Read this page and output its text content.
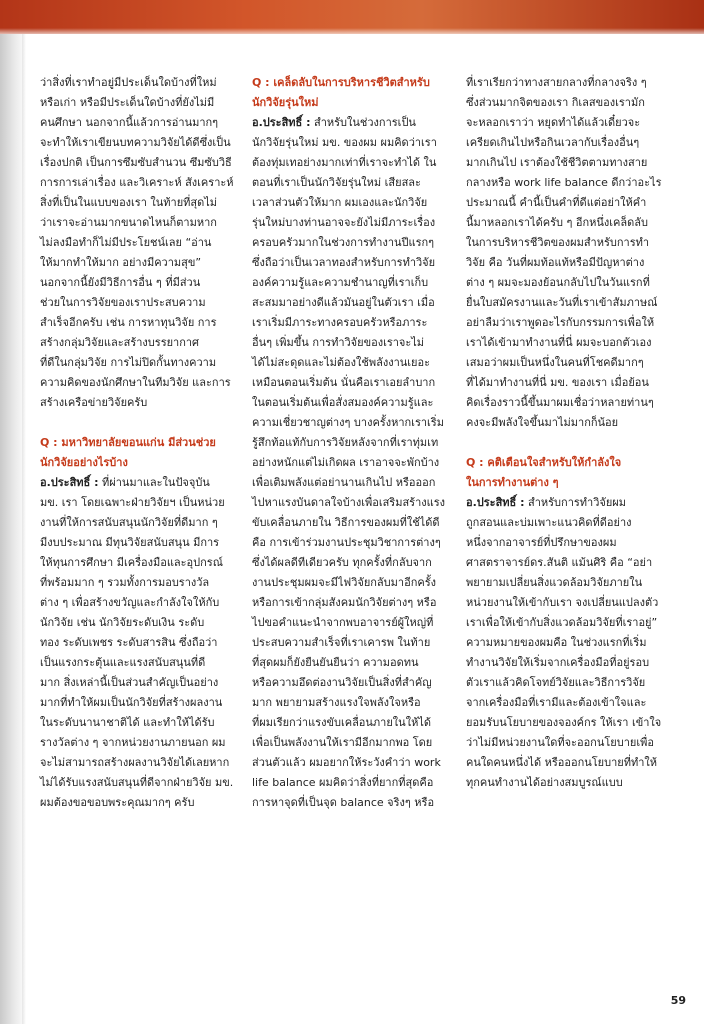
ว่าสิ่งที่เราทำอยู่มีประเด็นใดบ้างที่ใหม่
หรือเก่า หรือมีประเด็นใดบ้างที่ยังไม่มี
คนศึกษา นอกจากนี้แล้วการอ่านมากๆ
จะทำให้เราเขียนบทความวิจัยได้ดีซึ่งเป็น
เรื่องปกติ เป็นการซึมซับสำนวน ซึมซับวิธี
การการเล่าเรื่อง และวิเคราะห์ สังเคราะห์
สิ่งที่เป็นในแบบของเรา ในท้ายที่สุดไม่
ว่าเราจะอ่านมากขนาดไหนก็ตามหาก
ไม่ลงมือทำก็ไม่มีประโยชน์เลย “อ่าน
ให้มากทำให้มาก อย่างมีความสุข”
นอกจากนี้ยังมีวิธีการอื่น ๆ ที่มีส่วน
ช่วยในการวิจัยของเราประสบความ
สำเร็จอีกครับ เช่น การหาทุนวิจัย การ
สร้างกลุ่มวิจัยและสร้างบรรยากาศ
ที่ดีในกลุ่มวิจัย การไม่ปิดกั้นทางความ
ความคิดของนักศึกษาในทีมวิจัย และการ
สร้างเครือข่ายวิจัยครับ

Q : มหาวิทยาลัยขอนแก่น มีส่วนช่วย
นักวิจัยอย่างไรบ้าง

อ.ประสิทธิ์ : ที่ผ่านมาและในปัจจุบัน
มข. เรา โดยเฉพาะฝ่ายวิจัยฯ เป็นหน่วย
งานที่ให้การสนับสนุนนักวิจัยที่ดีมาก ๆ
มีงบประมาณ มีทุนวิจัยสนับสนุน มีการ
ให้ทุนการศึกษา มีเครื่องมือและอุปกรณ์
ที่พร้อมมาก ๆ รวมทั้งการมอบรางวัล
ต่าง ๆ เพื่อสร้างขวัญและกำลังใจให้กับ
นักวิจัย เช่น นักวิจัยระดับเงิน ระดับ
ทอง ระดับเพชร ระดับสารสิน ซึ่งถือว่า
เป็นแรงกระตุ้นและแรงสนับสนุนที่ดี
มาก สิ่งเหล่านี้เป็นส่วนสำคัญเป็นอย่าง
มากที่ทำให้ผมเป็นนักวิจัยที่สร้างผลงาน
ในระดับนานาชาติได้ และทำให้ได้รับ
รางวัลต่าง ๆ จากหน่วยงานภายนอก ผม
จะไม่สามารถสร้างผลงานวิจัยได้เลยหาก
ไม่ได้รับแรงสนับสนุนที่ดีจากฝ่ายวิจัย มข.
ผมต้องขอขอบพระคุณมากๆ ครับ

Q : เคล็ดลับในการบริหารชีวิตสำหรับ
นักวิจัยรุ่นใหม่

อ.ประสิทธิ์ : สำหรับในช่วงการเป็น
นักวิจัยรุ่นใหม่ มข. ของผม ผมคิดว่าเรา
ต้องทุ่มเทอย่างมากเท่าที่เราจะทำได้ ใน
ตอนที่เราเป็นนักวิจัยรุ่นใหม่ เสียสละ
เวลาส่วนตัวให้มาก ผมเองและนักวิจัย
รุ่นใหม่บางท่านอาจจะยังไม่มีภาระเรื่อง
ครอบครัวมากในช่วงการทำงานปีแรกๆ
ซึ่งถือว่าเป็นเวลาทองสำหรับการทำวิจัย
องค์ความรู้และความชำนาญที่เราเก็บ
สะสมมาอย่างดีแล้วมันอยู่ในตัวเรา เมื่อ
เราเริ่มมีภาระทางครอบครัวหรือภาระ
อื่นๆ เพิ่มขึ้น การทำวิจัยของเราจะไม่
ได้ไม่สะดุดและไม่ต้องใช้พลังงานเยอะ
เหมือนตอนเริ่มต้น นั่นคือเราเอยลำบาก
ในตอนเริ่มต้นเพื่อสั่งสมองค์ความรู้และ
ความเชี่ยวชาญต่างๆ บางครั้งหากเราเริ่ม
รู้สึกท้อแท้กับการวิจัยหลังจากที่เราทุ่มเท
อย่างหนักแต่ไม่เกิดผล เราอาจจะพักบ้าง
เพื่อเติมพลังแต่อย่านานเกินไป หรือออก
ไปหาแรงบันดาลใจบ้างเพื่อเสริมสร้างแรง
ขับเคลื่อนภายใน วิธีการของผมที่ใช้ได้ดี
คือ การเข้าร่วมงานประชุมวิชาการต่างๆ
ซึ่งได้ผลดีทีเดียวครับ ทุกครั้งที่กลับจาก
งานประชุมผมจะมีไฟวิจัยกลับมาอีกครั้ง
หรือการเข้ากลุ่มสังคมนักวิจัยต่างๆ หรือ
ไปขอคำแนะนำจากพบอาจารย์ผู้ใหญ่ที่
ประสบความสำเร็จที่เราเคารพ ในท้าย
ที่สุดผมก็ยังยืนยันยืนว่า ความอดทน
หรือความอึดต่องานวิจัยเป็นสิ่งที่สำคัญ
มาก พยายามสร้างแรงใจพลังใจหรือ
ที่ผมเรียกว่าแรงขับเคลื่อนภายในให้ได้
เพื่อเป็นพลังงานให้เรามีอีกมากพอ โดย
ส่วนตัวแล้ว ผมอยากให้ระวังคำว่า work
life balance ผมคิดว่าสิ่งที่ยากที่สุดคือ
การหาจุดที่เป็นจุด balance จริงๆ หรือ

ที่เราเรียกว่าทางสายกลางที่กลางจริง ๆ
ซึ่งส่วนมากจิตของเรา กิเลสของเรามัก
จะหลอกเราว่า หยุดทำได้แล้วเดี๋ยวจะ
เครียดเกินไปหรือกินเวลากับเรื่องอื่นๆ
มากเกินไป เราต้องใช้ชีวิตตามทางสาย
กลางหรือ work life balance ดีกว่าอะไร
ประมาณนี้ คำนี้เป็นคำที่ดีแต่อย่าให้คำ
นี้มาหลอกเราได้ครับ ๆ อีกหนึ่งเคล็ดลับ
ในการบริหารชีวิตของผมสำหรับการทำ
วิจัย คือ วันที่ผมท้อแท้หรือมีปัญหาต่าง
ต่าง ๆ ผมจะมองย้อนกลับไปในวันแรกที่
ยื่นใบสมัครงานและวันที่เราเข้าสัมภาษณ์
อย่าลืมว่าเราพูดอะไรกับกรรมการเพื่อให้
เราได้เข้ามาทำงานที่นี่ ผมจะบอกตัวเอง
เสมอว่าผมเป็นหนึ่งในคนที่โชคดีมากๆ
ที่ได้มาทำงานที่นี่ มข. ของเรา เมื่อย้อน
คิดเรื่องราวนี้ขึ้นมาผมเชื่อว่าหลายท่านๆ
คงจะมีพลังใจขึ้นมาไม่มากก็น้อย

Q : คติเตือนใจสำหรับให้กำลังใจ
ในการทำงานต่าง ๆ

อ.ประสิทธิ์ : สำหรับการทำวิจัยผม
ถูกสอนและบ่มเพาะแนวคิดที่ดีอย่าง
หนึ่งจากอาจารย์ที่ปรึกษาของผม
ศาสตราจารย์ดร.สันติ แม้นศิริ คือ “อย่า
พยายามเปลี่ยนสิ่งแวดล้อมวิจัยภายใน
หน่วยงานให้เข้ากับเรา จงเปลี่ยนแปลงตัว
เราเพื่อให้เข้ากับสิ่งแวดล้อมวิจัยที่เราอยู่”
ความหมายของผมคือ ในช่วงแรกที่เริ่ม
ทำงานวิจัยให้เริ่มจากเครื่องมือที่อยู่รอบ
ตัวเราแล้วคิดโจทย์วิจัยและวิธีการวิจัย
จากเครื่องมือที่เรามีและต้องเข้าใจและ
ยอมรับนโยบายของจองค์กร ให้เรา เข้าใจ
ว่าไม่มีหน่วยงานใดที่จะออกนโยบายเพื่อ
คนใดคนหนึ่งได้ หรือออกนโยบายที่ทำให้
ทุกคนทำงานได้อย่างสมบูรณ์แบบ

59
